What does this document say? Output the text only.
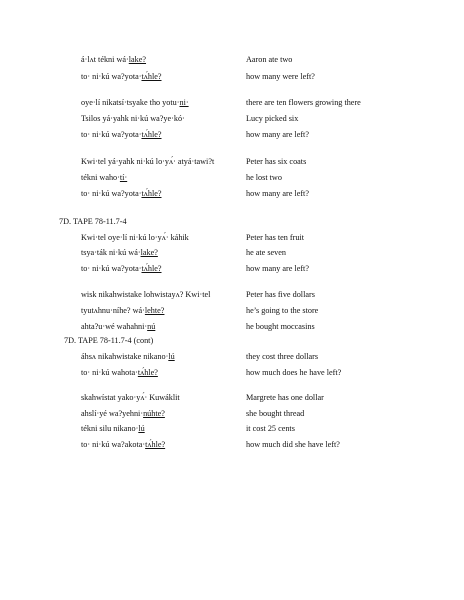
á·lʌt tékni wá·lake?	Aaron ate two
to· ni·kú wa?yota·tʌ́hle?	how many were left?
oye·lí nikatsí·tsyake tho yotu·ni·	there are ten flowers growing there
Tsilos yá·yahk ni·kú wa?ye·kó·	Lucy picked six
to· ni·kú wa?yota·tʌ́hle?	how many are left?
Kwi·tel yá·yahk ni·kú lo·yʌ́· atyá·tawi?t	Peter has six coats
tékni waho·tí·	he lost two
to· ni·kú wa?yota·tʌ́hle?	how many are left?
7D. TAPE 78-11.7-4
Kwi·tel oye·lí ni·kú lo·yʌ́· káhik	Peter has ten fruit
tsya·ták ni·kú wá·lake?	he ate seven
to· ni·kú wa?yota·tʌ́hle?	how many are left?
wisk nikahwistake lohwistayʌ? Kwi·tel	Peter has five dollars
tyutʌhnu·níhe? wá·lehte?	he’s going to the store
ahta?u·wé wahahni·nú	he bought moccasins
7D. TAPE 78-11.7-4 (cont)
áhsʌ nikahwistake nikano·lú	they cost three dollars
to· ni·kú wahota·tʌ́hle?	how much does he have left?
skahwístat yako·yʌ́· Kuwáklit	Margrete has one dollar
ahslí·yé wa?yehni·núhte?	she bought thread
tékni silu nikano·lú	it cost 25 cents
to· ni·kú wa?akota·tʌ́hle?	how much did she have left?
